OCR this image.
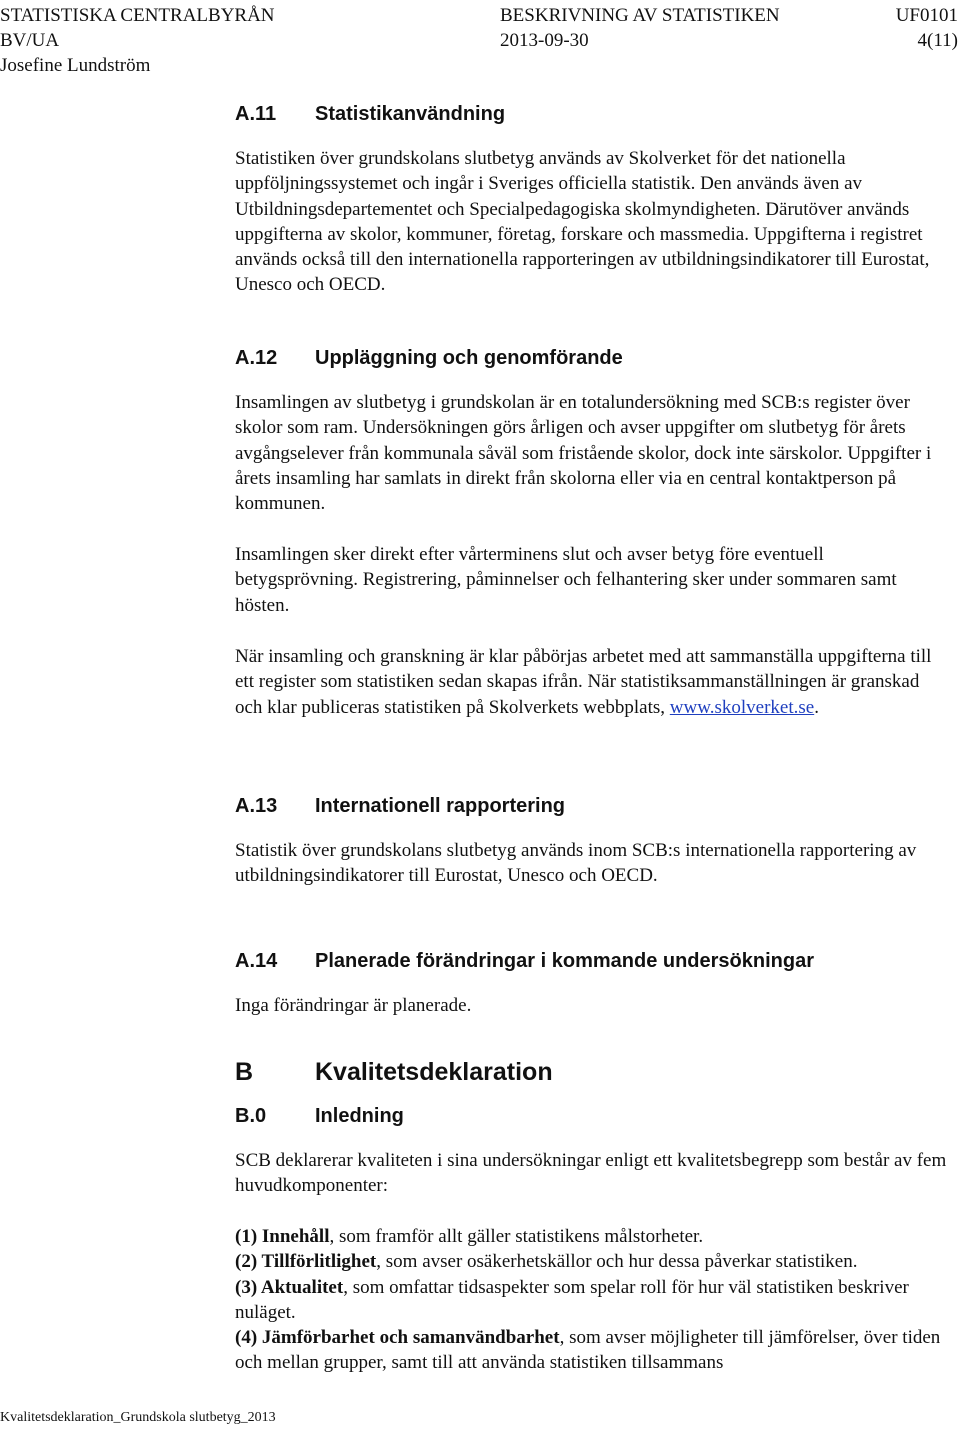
STATISTISKA CENTRALBYRÅN	BESKRIVNING AV STATISTIKEN	UF0101
BV/UA	2013-09-30	4(11)
Josefine Lundström
A.11 Statistikanvändning

Statistiken över grundskolans slutbetyg används av Skolverket för det nationella uppföljningssystemet och ingår i Sveriges officiella statistik. Den används även av Utbildningsdepartementet och Specialpedagogiska skolmyndigheten. Därutöver används uppgifterna av skolor, kommuner, företag, forskare och massmedia. Uppgifterna i registret används också till den internationella rapporteringen av utbildningsindikatorer till Eurostat, Unesco och OECD.

A.12 Uppläggning och genomförande

Insamlingen av slutbetyg i grundskolan är en totalundersökning med SCB:s register över skolor som ram. Undersökningen görs årligen och avser uppgifter om slutbetyg för årets avgångselever från kommunala såväl som fristående skolor, dock inte särskolor. Uppgifter i årets insamling har samlats in direkt från skolorna eller via en central kontaktperson på kommunen.

Insamlingen sker direkt efter vårterminens slut och avser betyg före eventuell betygsprövning. Registrering, påminnelser och felhantering sker under sommaren samt hösten.

När insamling och granskning är klar påbörjas arbetet med att sammanställa uppgifterna till ett register som statistiken sedan skapas ifrån. När statistiksammanställningen är granskad och klar publiceras statistiken på Skolverkets webbplats, www.skolverket.se.

A.13 Internationell rapportering

Statistik över grundskolans slutbetyg används inom SCB:s internationella rapportering av utbildningsindikatorer till Eurostat, Unesco och OECD.

A.14 Planerade förändringar i kommande undersökningar

Inga förändringar är planerade.

B Kvalitetsdeklaration
B.0 Inledning

SCB deklarerar kvaliteten i sina undersökningar enligt ett kvalitetsbegrepp som består av fem huvudkomponenter:

(1) Innehåll, som framför allt gäller statistikens målstorheter.
(2) Tillförlitlighet, som avser osäkerhetskällor och hur dessa påverkar statistiken.
(3) Aktualitet, som omfattar tidsaspekter som spelar roll för hur väl statistiken beskriver nuläget.
(4) Jämförbarhet och samanvändbarhet, som avser möjligheter till jämförelser, över tiden och mellan grupper, samt till att använda statistiken tillsammans

Kvalitetsdeklaration_Grundskola slutbetyg_2013
